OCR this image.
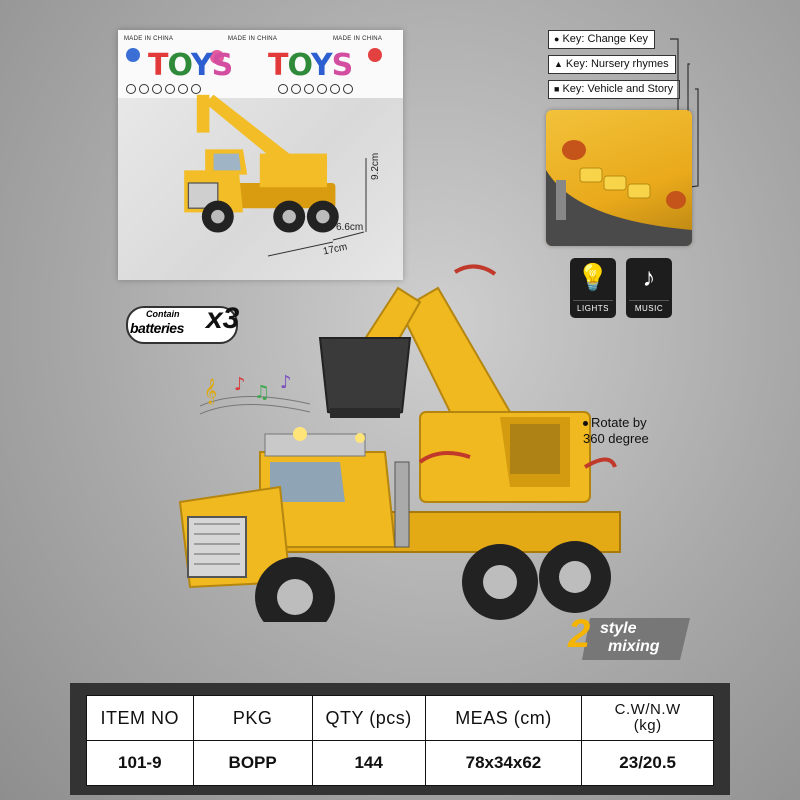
MADE IN CHINA	MADE IN CHINA	MADE IN CHINA
TOYS TOYS
9.2cm
6.6cm
17cm
● Key: Change Key
▲ Key: Nursery rhymes
■ Key: Vehicle and Story
💡
LIGHTS
♪
MUSIC
Contain
batteries x3
𝄞 ♪ ♫ ♪
Rotate by
360 degree
2 style
mixing
ITEM NO	PKG	QTY (pcs)	MEAS (cm)	C.W/N.W
(kg)

101-9	BOPP	144	78x34x62	23/20.5
